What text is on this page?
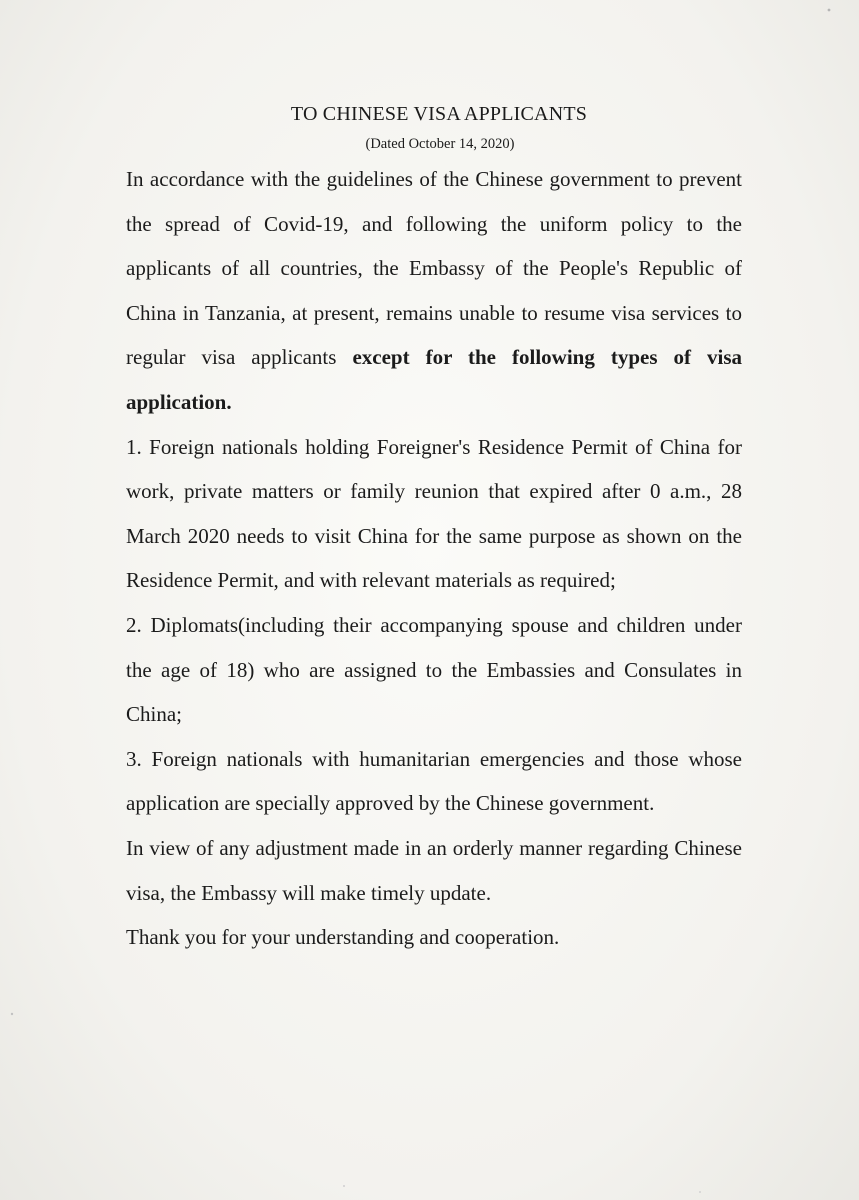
TO CHINESE VISA APPLICANTS

(Dated October 14, 2020)

In accordance with the guidelines of the Chinese government to prevent the spread of Covid-19, and following the uniform policy to the applicants of all countries, the Embassy of the People's Republic of China in Tanzania, at present, remains unable to resume visa services to regular visa applicants except for the following types of visa application.

1. Foreign nationals holding Foreigner's Residence Permit of China for work, private matters or family reunion that expired after 0 a.m., 28 March 2020 needs to visit China for the same purpose as shown on the Residence Permit, and with relevant materials as required;

2. Diplomats(including their accompanying spouse and children under the age of 18) who are assigned to the Embassies and Consulates in China;

3. Foreign nationals with humanitarian emergencies and those whose application are specially approved by the Chinese government.

In view of any adjustment made in an orderly manner regarding Chinese visa, the Embassy will make timely update.

Thank you for your understanding and cooperation.
